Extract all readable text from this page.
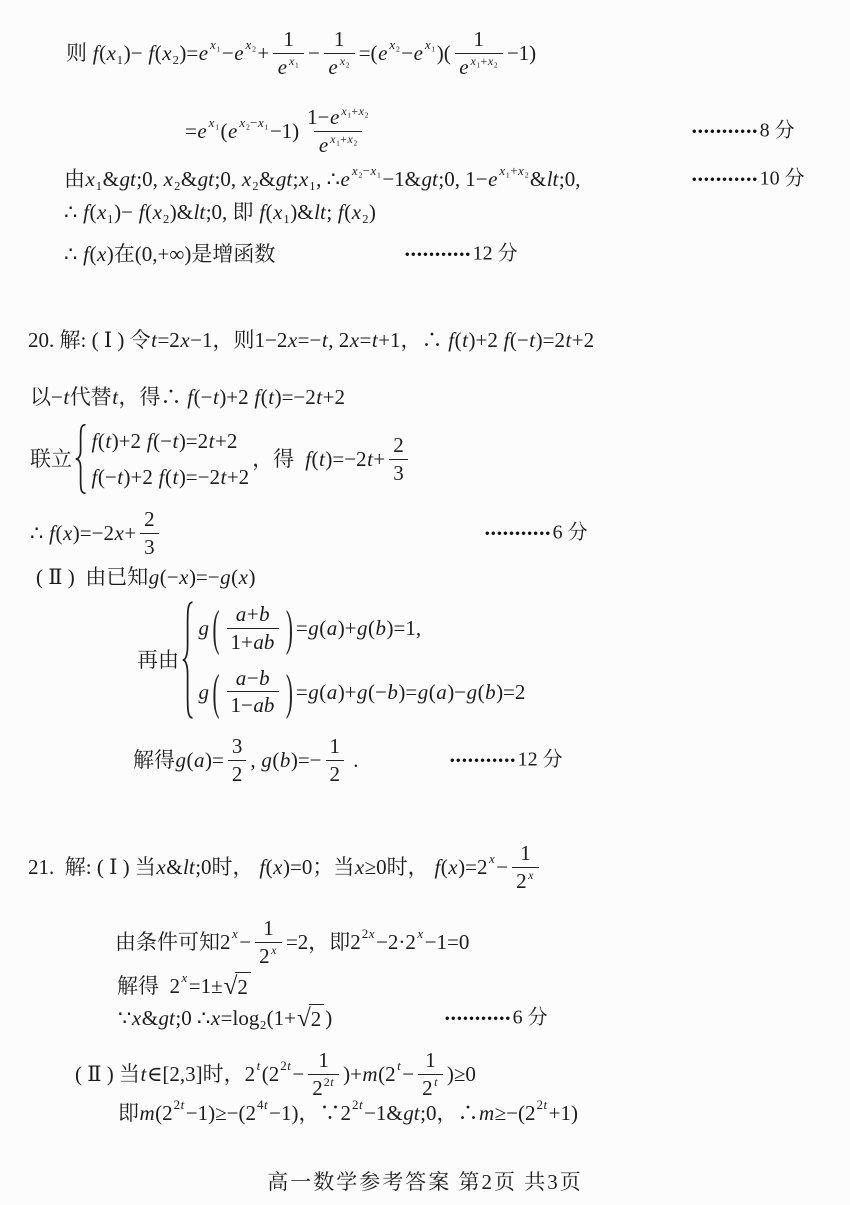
则 f(x₁)− f(x₂)=e x₁ −e $x_2 + \frac{1}{\text{e x₁}} - \frac{1}{\text{e x₂}} =(e$ x₂ −e x₁ )( $\frac{1}{\text{e x₁+x₂}} -1$)
=e x₁ (e $x_2-x_1 -1) \frac{\text{1−e x₁+x₂}}{\text{e x₁+x₂}}$	••••••••••• 8 分
由x₁&gt;0, x₂&gt;0, x₂&gt;x₁, ∴e x₂−x₁ −1&gt;0, 1−e x₁+x₂ &lt;0,	••••••••••• 10 分
∴ f(x₁)− f(x₂)&lt;0, 即 f(x₁)&lt; f(x₂)
∴ f(x)在(0,+∞)是增函数	••••••••••• 12 分
20. 解: ( Ⅰ ) 令t=2x−1，则1−2x=−t, 2x=t+1，∴ f(t)+2 f(−t)=2t+2
以−t代替t，得∴ f(−t)+2 f(t)=−2t+2
联立
f(t)+2 f(−t)=2t+2
f(−t)+2 f(t)=−2t+2
，得  $f(t)=-2t+ \frac{2}{3}$
∴ $f(x)=-2x+ \frac{2}{3}$	••••••••••• 6 分
( Ⅱ )  由已知g(−x)=−g(x)
再由
g ( $\frac{a+b}{1+ab}$ ) =g(a)+g(b)=1,
g ( $\frac{a-b}{1-ab}$ ) =g(a)+g(−b)=g(a)−g(b)=2
解得$g(a)= \frac{3}{2}$ , $g(b)=- \frac{1}{2}$ .	••••••••••• 12 分
21.  解: ( Ⅰ ) 当x&lt;0时， f(x)=0；当x≥0时， f(x)=2 $x - \frac{1}{2 x}$
由条件可知2 $x - \frac{1}{2 x} =2$，即2 2x −2·2 x −1=0
解得  2 x =1± √ 2
∵x&gt;0 ∴x=log₂(1+ √ 2 )	••••••••••• 6 分
( Ⅱ ) 当t∈[2,3]时，2 t (2 $2t - \frac{1}{2 2t} )+m(2$ $t - \frac{1}{2 t} )\ge 0$
即m(2 2t −1)≥−(2 4t −1)，∵2 2t −1&gt;0，∴m≥−(2 2t +1)
高一数学参考答案 第2页 共3页
